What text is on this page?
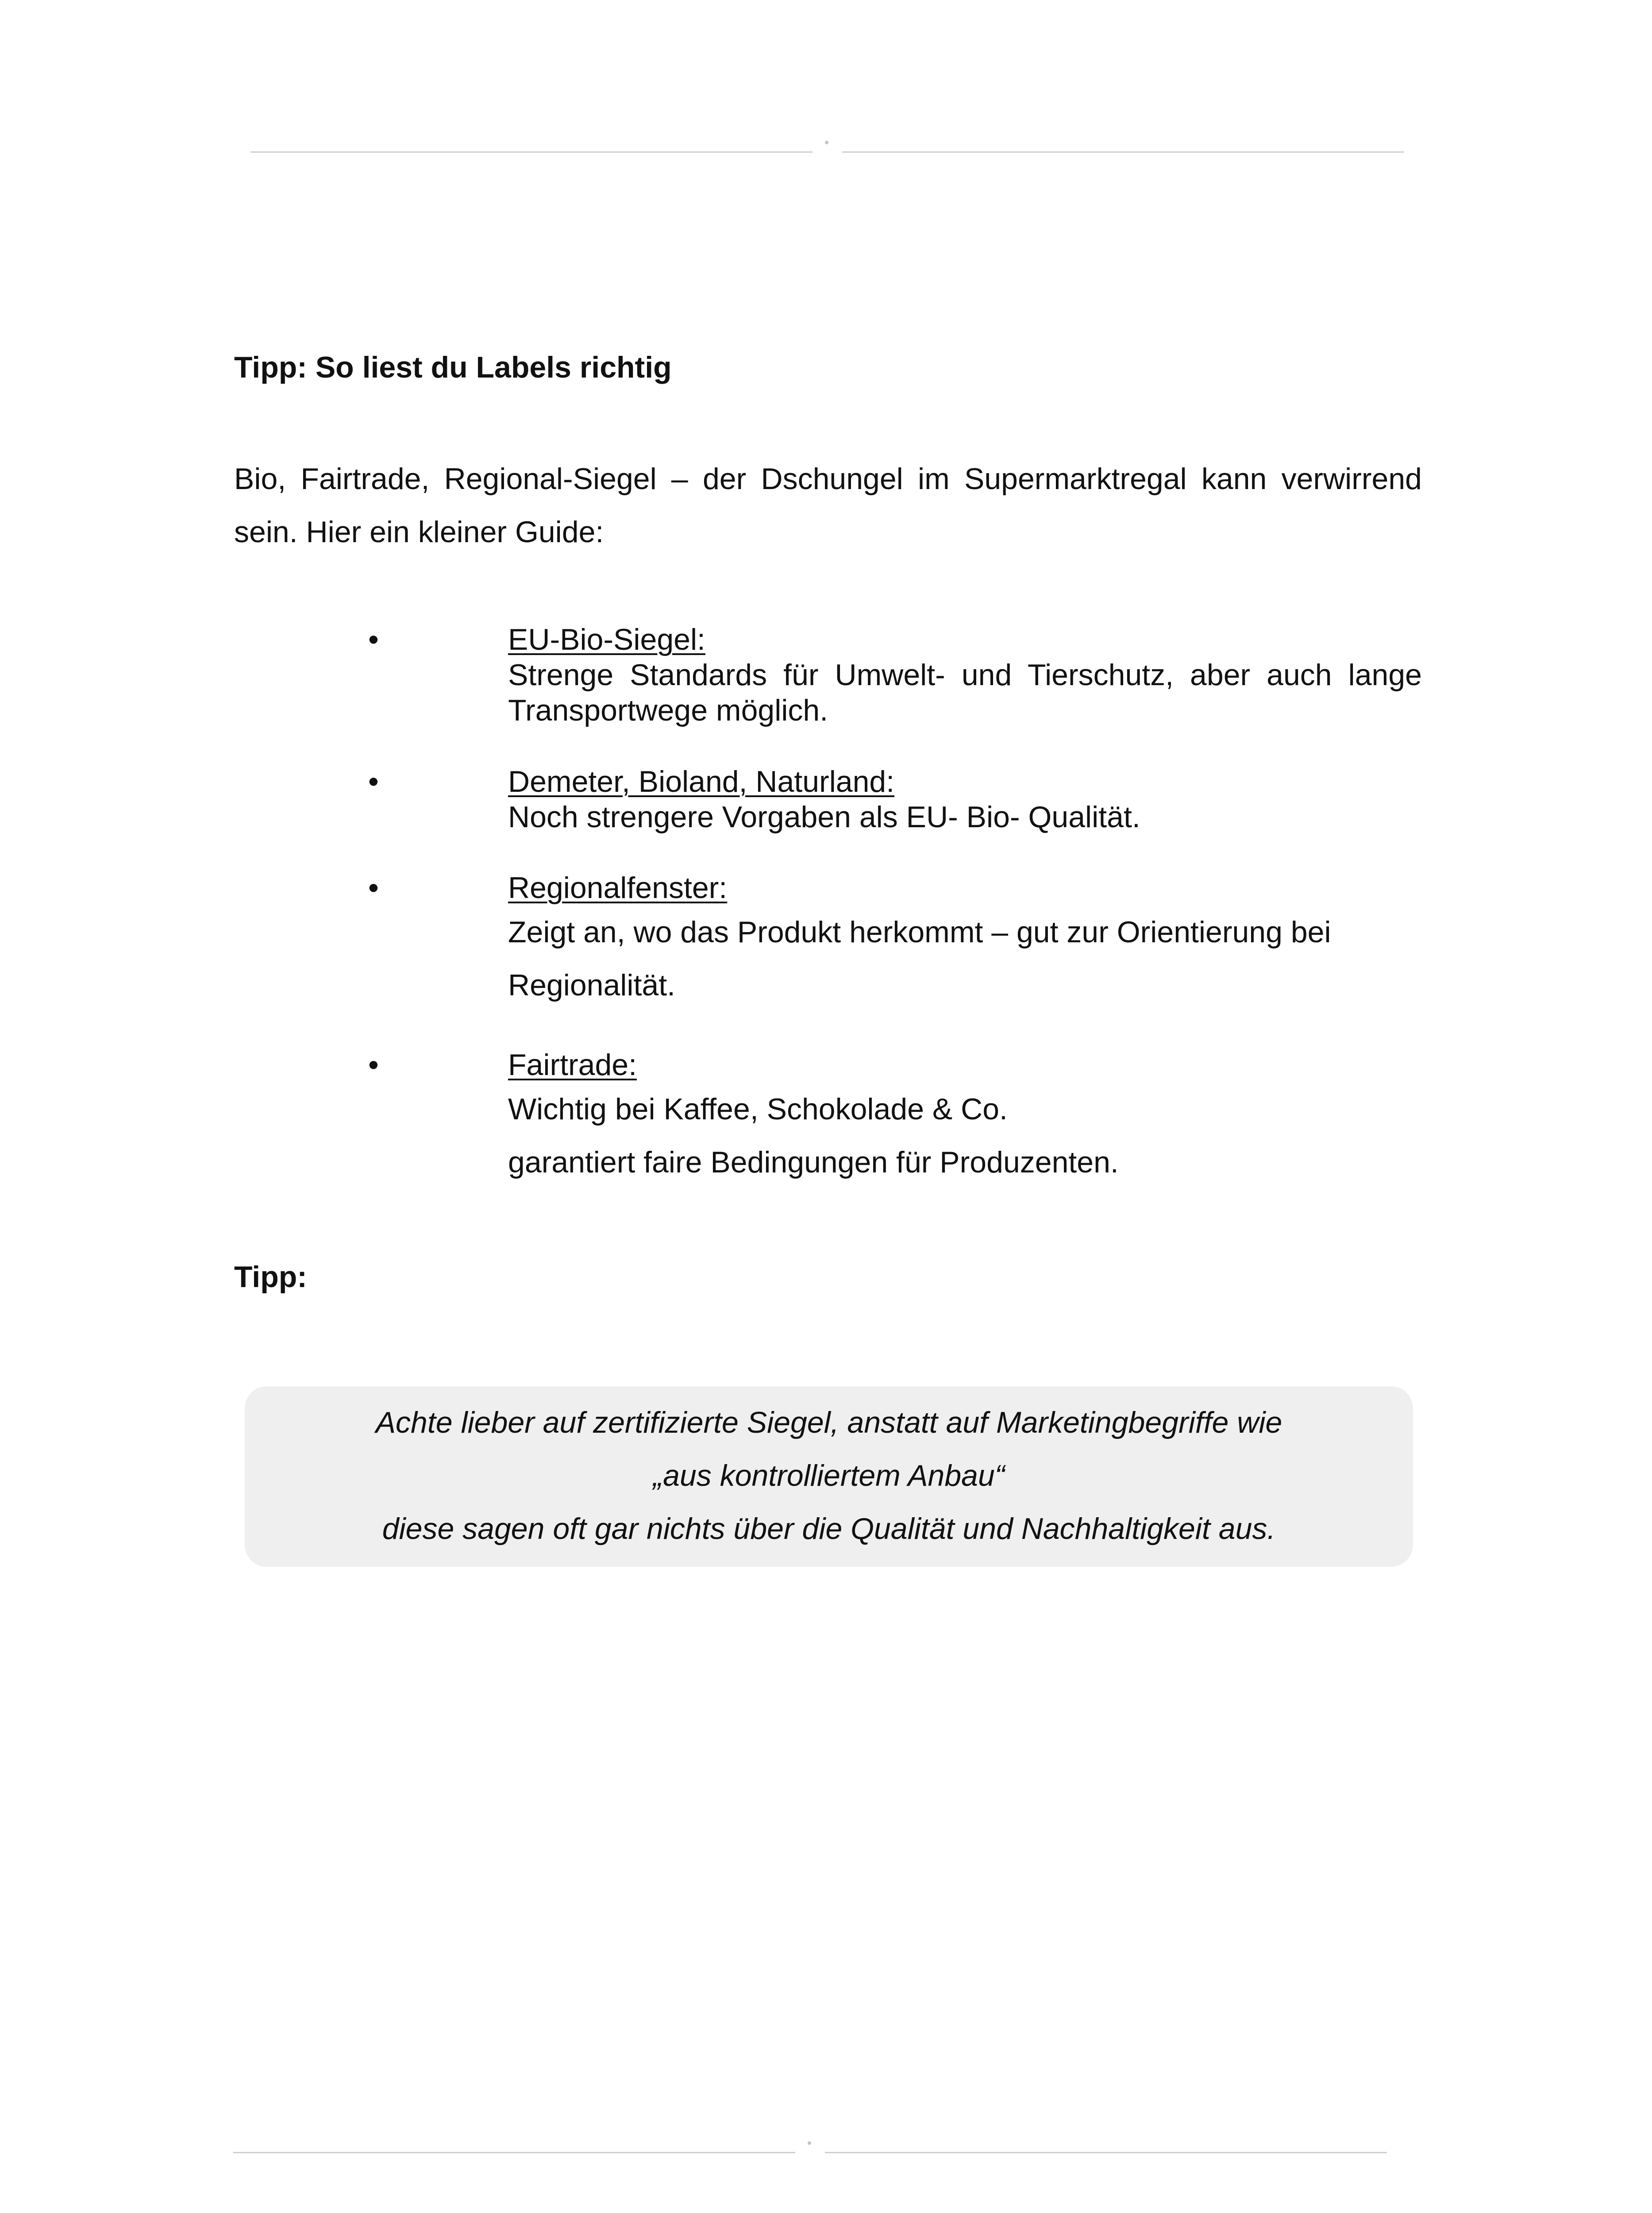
Tipp: So liest du Labels richtig

Bio, Fairtrade, Regional-Siegel – der Dschungel im Supermarktregal kann verwirrend sein. Hier ein kleiner Guide:

•	EU-Bio-Siegel:
Strenge Standards für Umwelt- und Tierschutz, aber auch lange Transportwege möglich.
•	Demeter, Bioland, Naturland:
Noch strengere Vorgaben als EU- Bio- Qualität.
•	Regionalfenster:
Zeigt an, wo das Produkt herkommt – gut zur Orientierung bei
Regionalität.
•	Fairtrade:
Wichtig bei Kaffee, Schokolade & Co.
garantiert faire Bedingungen für Produzenten.

Tipp:

Achte lieber auf zertifizierte Siegel, anstatt auf Marketingbegriffe wie
„aus kontrolliertem Anbau“
diese sagen oft gar nichts über die Qualität und Nachhaltigkeit aus.
